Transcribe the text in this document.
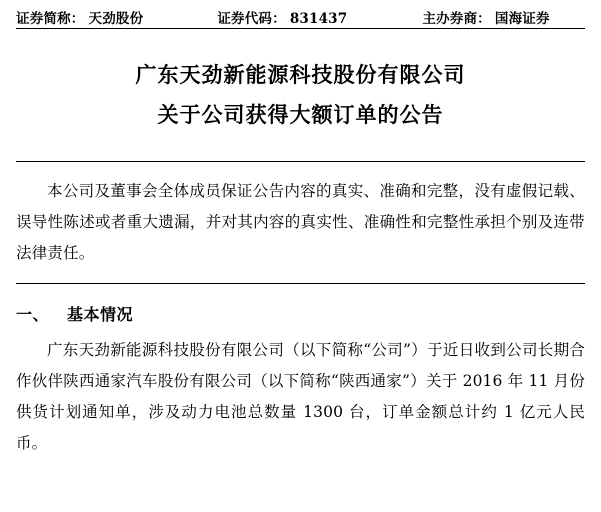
证券简称： 天劲股份	证券代码： 831437	主办券商： 国海证券
广东天劲新能源科技股份有限公司
关于公司获得大额订单的公告

本公司及董事会全体成员保证公告内容的真实、准确和完整，没有虚假记载、误导性陈述或者重大遗漏，并对其内容的真实性、准确性和完整性承担个别及连带法律责任。

一、 基本情况

广东天劲新能源科技股份有限公司（以下简称“公司”）于近日收到公司长期合作伙伴陕西通家汽车股份有限公司（以下简称“陕西通家”）关于 2016 年 11 月份供货计划通知单，涉及动力电池总数量 1300 台，订单金额总计约 1 亿元人民币。
